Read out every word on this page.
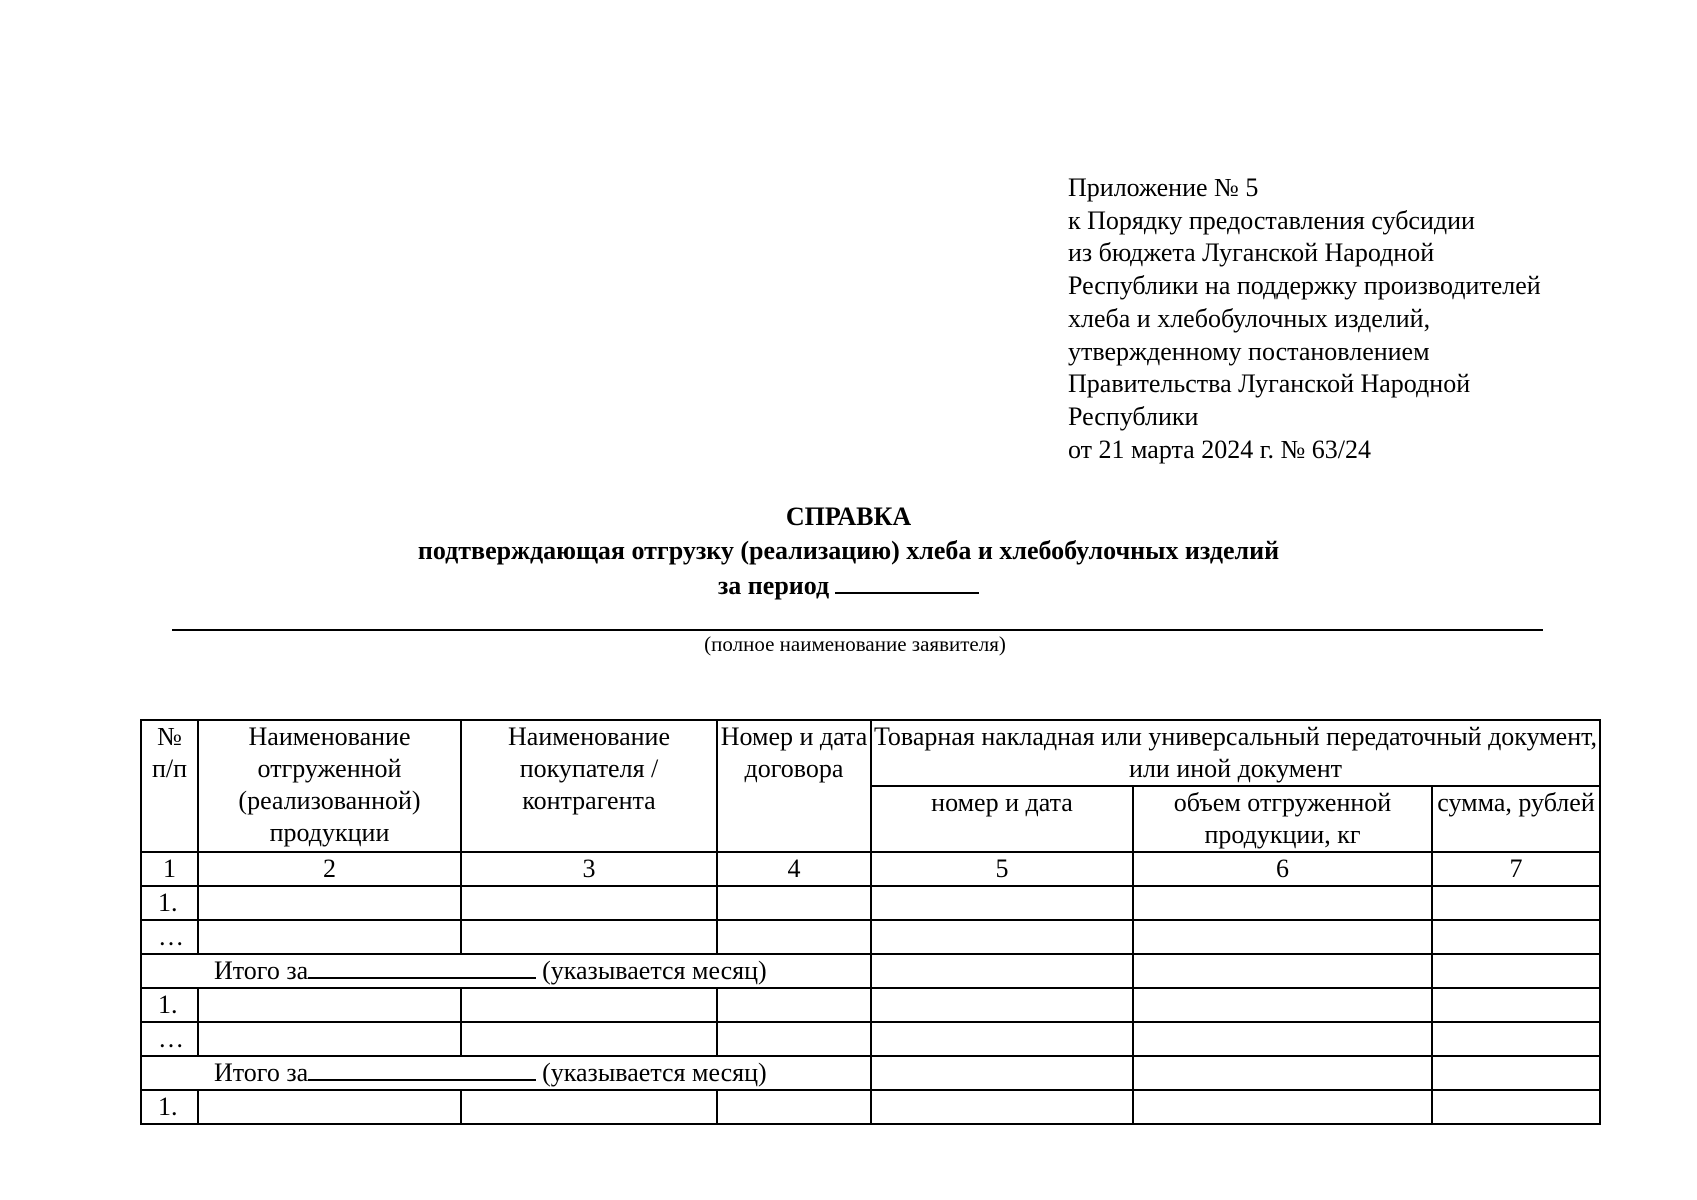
Приложение № 5
к Порядку предоставления субсидии
из бюджета Луганской Народной
Республики на поддержку производителей
хлеба и хлебобулочных изделий,
утвержденному постановлением
Правительства Луганской Народной
Республики
от 21 марта 2024 г. № 63/24
СПРАВКА
подтверждающая отгрузку (реализацию) хлеба и хлебобулочных изделий
за период
(полное наименование заявителя)
№ п/п	Наименование отгруженной (реализованной) продукции	Наименование покупателя / контрагента	Номер и дата договора	Товарная накладная или универсальный передаточный документ, или иной документ		
				номер и дата	объем отгруженной продукции, кг	сумма, рублей
1	2	3	4	5	6	7
1.						
…						
Итого за (указывается месяц)						
1.						
…						
Итого за (указывается месяц)						
1.						
